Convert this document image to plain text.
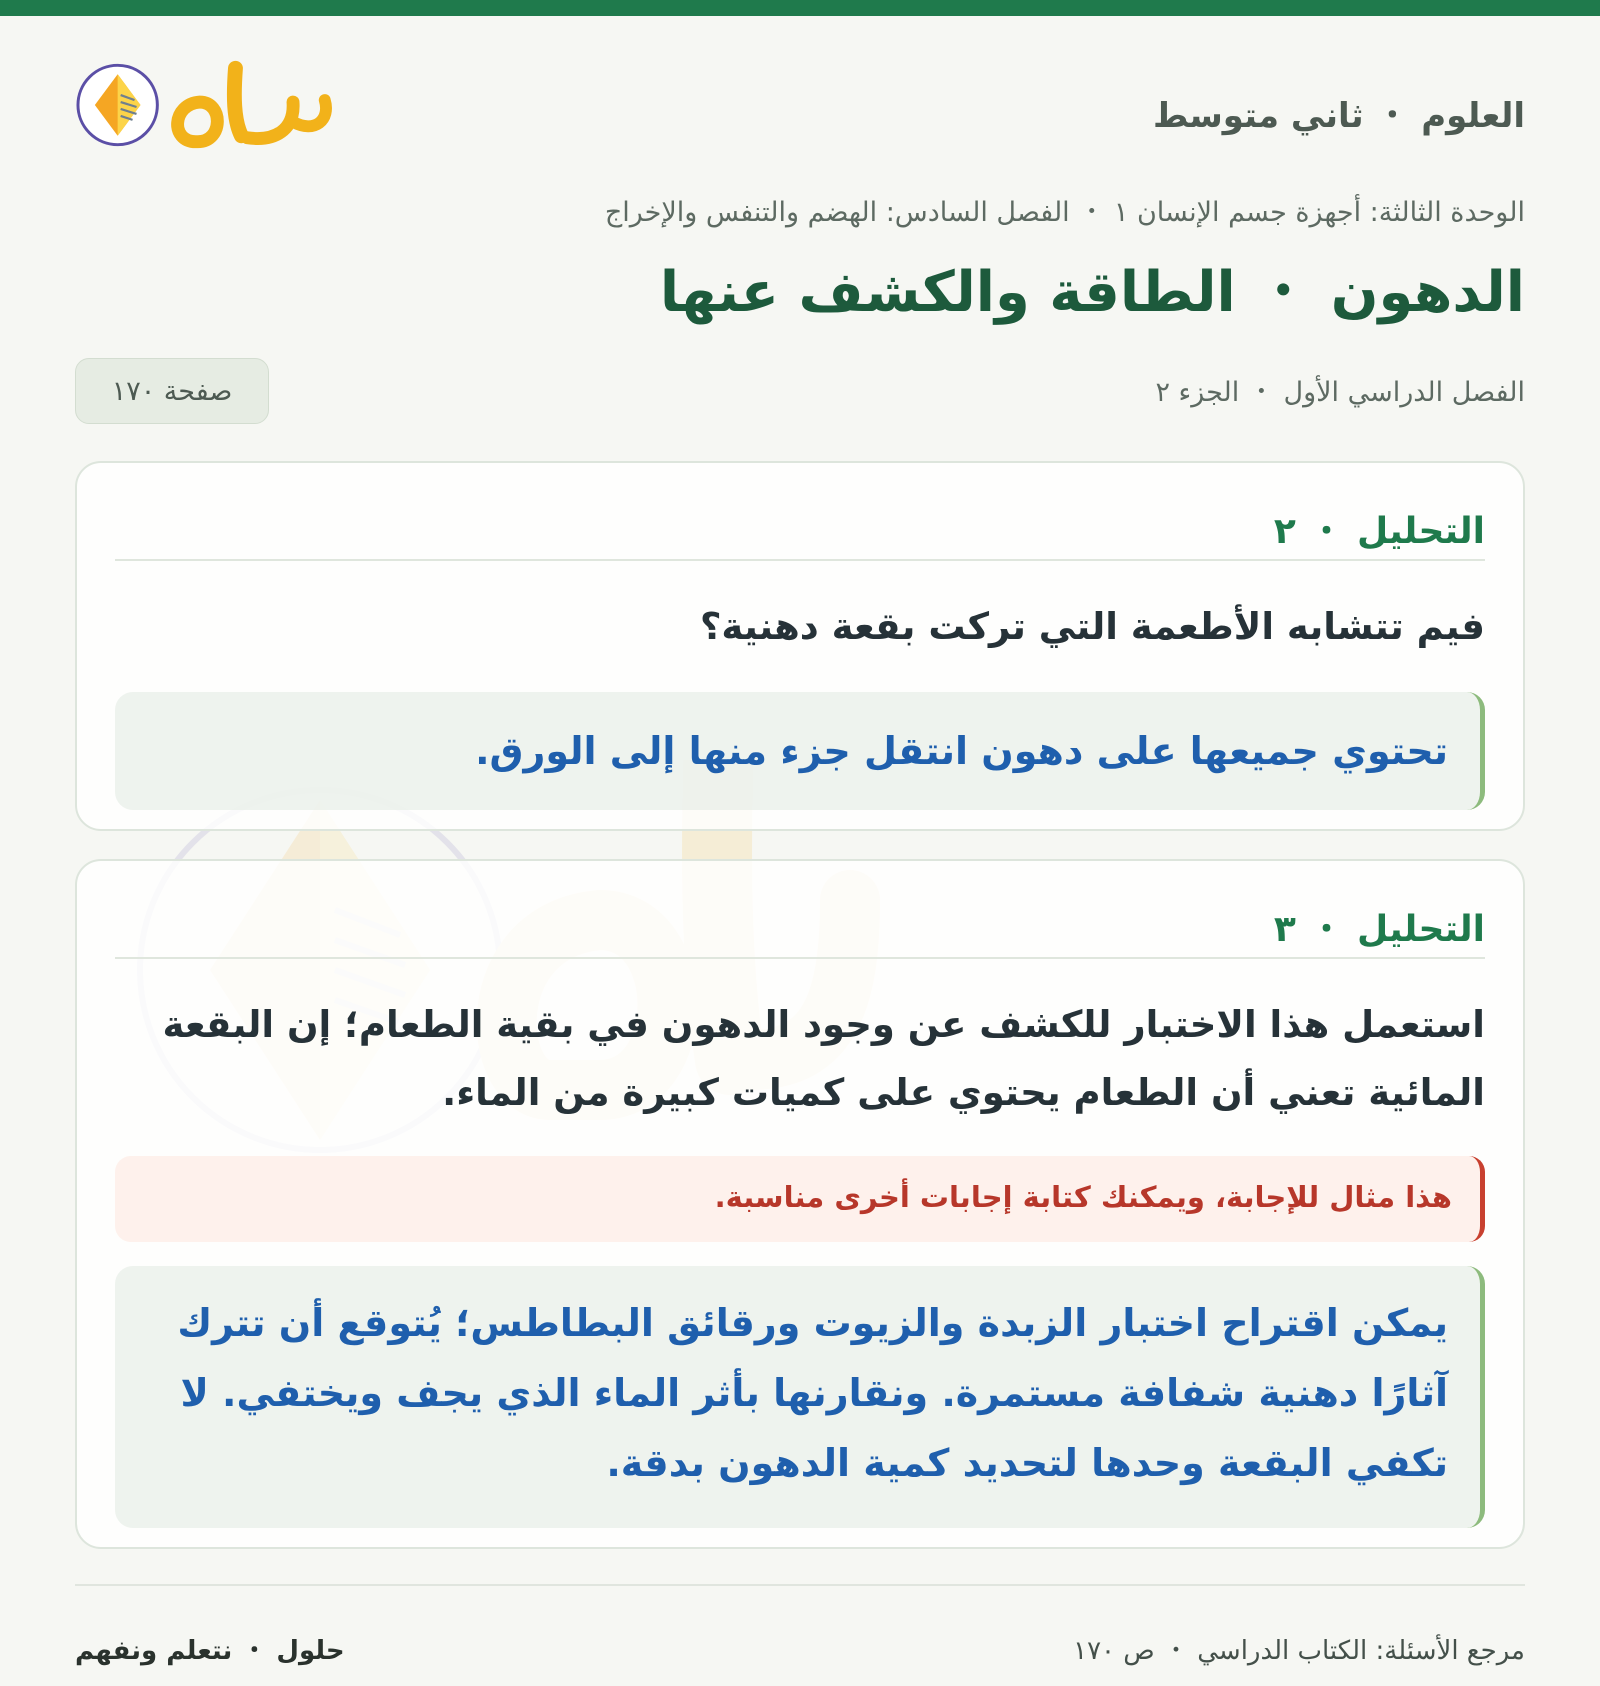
العلوم ・ ثاني متوسط
الوحدة الثالثة: أجهزة جسم الإنسان ١ ・ الفصل السادس: الهضم والتنفس والإخراج
الدهون ・ الطاقة والكشف عنها
الفصل الدراسي الأول ・ الجزء ٢
صفحة ١٧٠
التحليل ・ ٢
فيم تتشابه الأطعمة التي تركت بقعة دهنية؟
تحتوي جميعها على دهون انتقل جزء منها إلى الورق.
التحليل ・ ٣
استعمل هذا الاختبار للكشف عن وجود الدهون في بقية الطعام؛ إن البقعة المائية تعني أن الطعام يحتوي على كميات كبيرة من الماء.
هذا مثال للإجابة، ويمكنك كتابة إجابات أخرى مناسبة.
يمكن اقتراح اختبار الزبدة والزيوت ورقائق البطاطس؛ يُتوقع أن تترك آثارًا دهنية شفافة مستمرة. ونقارنها بأثر الماء الذي يجف ويختفي. لا تكفي البقعة وحدها لتحديد كمية الدهون بدقة.
مرجع الأسئلة: الكتاب الدراسي ・ ص ١٧٠
حلول ・ نتعلم ونفهم
